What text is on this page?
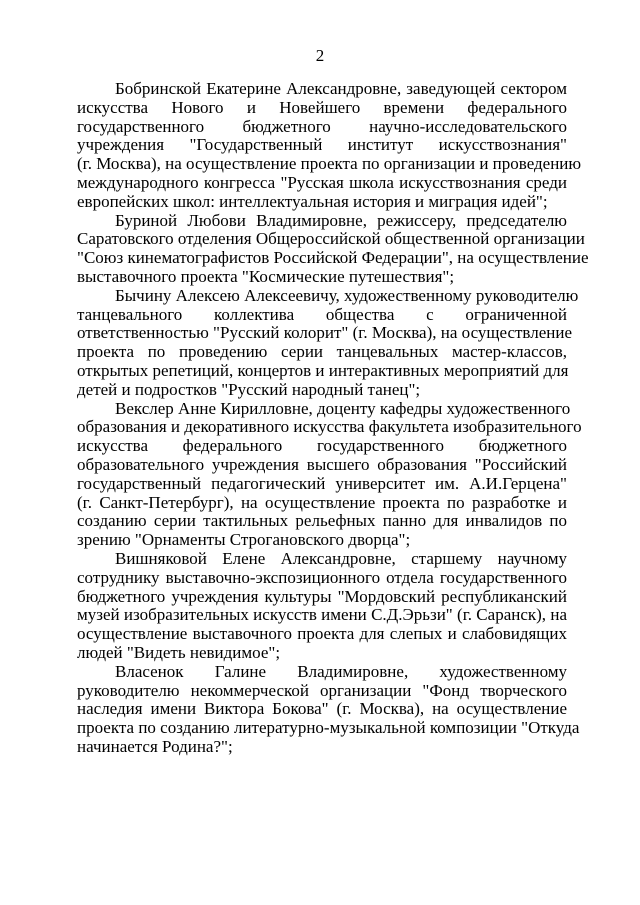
2

Бобринской Екатерине Александровне, заведующей сектором
искусства Нового и Новейшего времени федерального
государственного бюджетного научно-исследовательского
учреждения "Государственный институт искусствознания"
(г. Москва), на осуществление проекта по организации и проведению
международного конгресса "Русская школа искусствознания среди
европейских школ: интеллектуальная история и миграция идей";

Буриной Любови Владимировне, режиссеру, председателю
Саратовского отделения Общероссийской общественной организации
"Союз кинематографистов Российской Федерации", на осуществление
выставочного проекта "Космические путешествия";

Бычину Алексею Алексеевичу, художественному руководителю
танцевального коллектива общества с ограниченной
ответственностью "Русский колорит" (г. Москва), на осуществление
проекта по проведению серии танцевальных мастер-классов,
открытых репетиций, концертов и интерактивных мероприятий для
детей и подростков "Русский народный танец";

Векслер Анне Кирилловне, доценту кафедры художественного
образования и декоративного искусства факультета изобразительного
искусства федерального государственного бюджетного
образовательного учреждения высшего образования "Российский
государственный педагогический университет им. А.И.Герцена"
(г. Санкт-Петербург), на осуществление проекта по разработке и
созданию серии тактильных рельефных панно для инвалидов по
зрению "Орнаменты Строгановского дворца";

Вишняковой Елене Александровне, старшему научному
сотруднику выставочно-экспозиционного отдела государственного
бюджетного учреждения культуры "Мордовский республиканский
музей изобразительных искусств имени С.Д.Эрьзи" (г. Саранск), на
осуществление выставочного проекта для слепых и слабовидящих
людей "Видеть невидимое";

Власенок Галине Владимировне, художественному
руководителю некоммерческой организации "Фонд творческого
наследия имени Виктора Бокова" (г. Москва), на осуществление
проекта по созданию литературно-музыкальной композиции "Откуда
начинается Родина?";
